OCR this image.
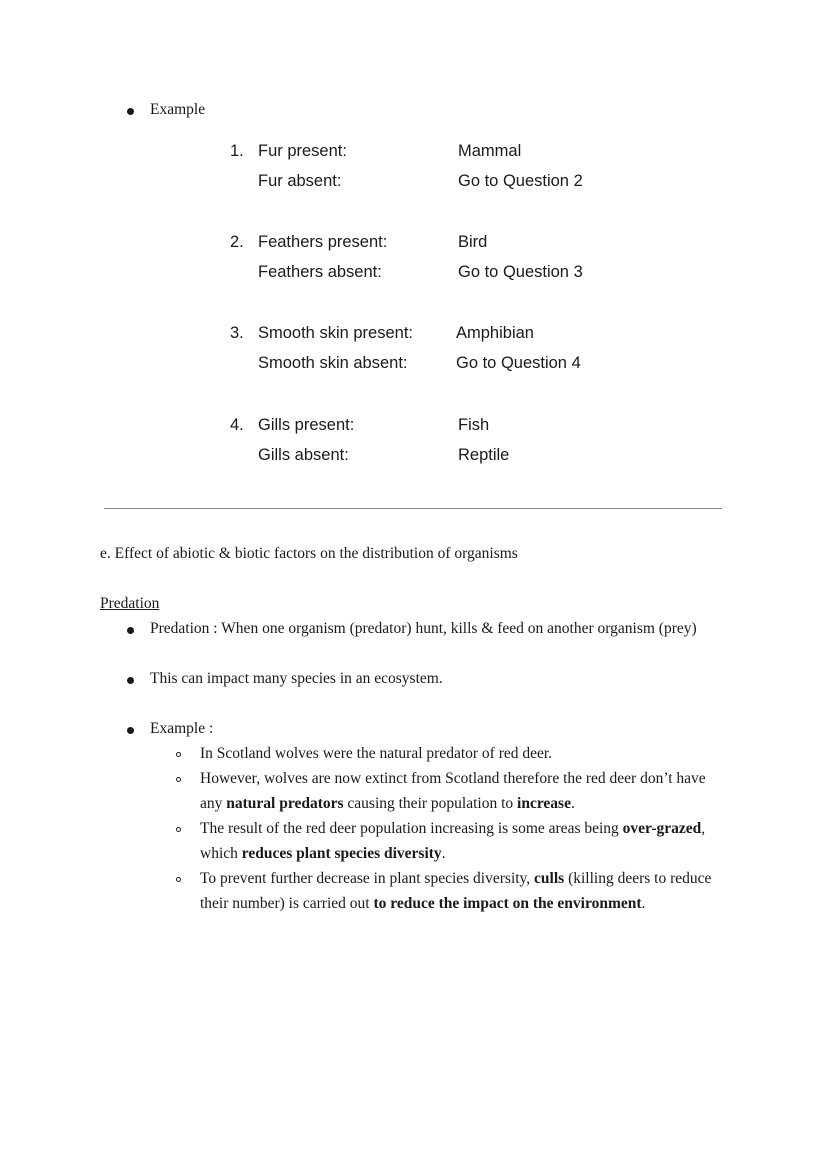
Example
1. Fur present:	Mammal
Fur absent:	Go to Question 2
2. Feathers present:	Bird
Feathers absent:	Go to Question 3
3. Smooth skin present:	Amphibian
Smooth skin absent:	Go to Question 4
4. Gills present:	Fish
Gills absent:	Reptile
e. Effect of abiotic & biotic factors on the distribution of organisms
Predation
Predation : When one organism (predator) hunt, kills & feed on another organism (prey)
This can impact many species in an ecosystem.
Example :
In Scotland wolves were the natural predator of red deer.
However, wolves are now extinct from Scotland therefore the red deer don’t have
any natural predators causing their population to increase.
The result of the red deer population increasing is some areas being over-grazed,
which reduces plant species diversity.
To prevent further decrease in plant species diversity, culls (killing deers to reduce
their number) is carried out to reduce the impact on the environment.
